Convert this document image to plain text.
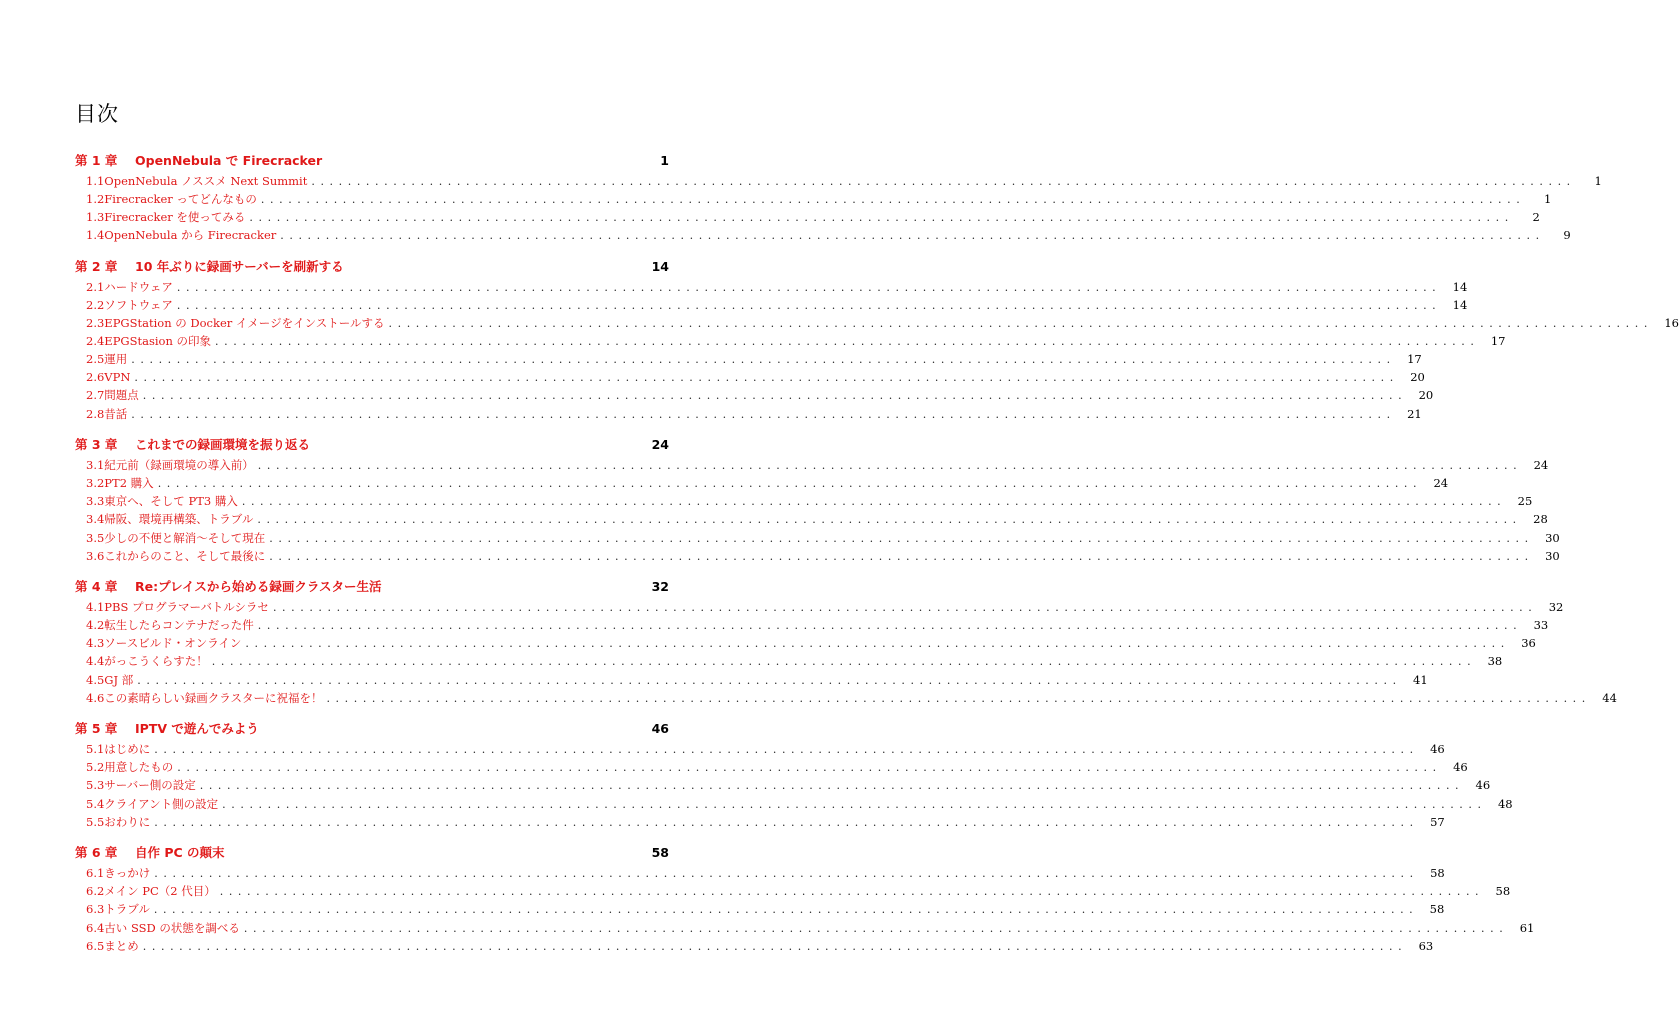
目次
第 1 章	OpenNebula で Firecracker	1
1.1 OpenNebula ノススメ Next Summit ...........................................................................................................................................	1
1.2 Firecracker ってどんなもの ...........................................................................................................................................	1
1.3 Firecracker を使ってみる ...........................................................................................................................................	2
1.4 OpenNebula から Firecracker ...........................................................................................................................................	9
第 2 章	10 年ぶりに録画サーバーを刷新する	14
2.1 ハードウェア ........................................................................................................................................... 14
2.2 ソフトウェア ........................................................................................................................................... 14
2.3 EPGStation の Docker イメージをインストールする ........................................................................................................................................... 16
2.4 EPGStasion の印象 ........................................................................................................................................... 17
2.5 運用 ........................................................................................................................................... 17
2.6 VPN ........................................................................................................................................... 20
2.7 問題点 ........................................................................................................................................... 20
2.8 昔話 ........................................................................................................................................... 21
第 3 章	これまでの録画環境を振り返る	24
3.1 紀元前（録画環境の導入前） ........................................................................................................................................... 24
3.2 PT2 購入 ........................................................................................................................................... 24
3.3 東京へ、そして PT3 購入 ........................................................................................................................................... 25
3.4 帰阪、環境再構築、トラブル ........................................................................................................................................... 28
3.5 少しの不便と解消〜そして現在 ........................................................................................................................................... 30
3.6 これからのこと、そして最後に ........................................................................................................................................... 30
第 4 章	Re:プレイスから始める録画クラスター生活	32
4.1 PBS プログラマーバトルシラセ ........................................................................................................................................... 32
4.2 転生したらコンテナだった件 ........................................................................................................................................... 33
4.3 ソースビルド・オンライン ........................................................................................................................................... 36
4.4 がっこうくらすた！ ........................................................................................................................................... 38
4.5 GJ 部 ........................................................................................................................................... 41
4.6 この素晴らしい録画クラスターに祝福を！ ........................................................................................................................................... 44
第 5 章	IPTV で遊んでみよう	46
5.1 はじめに ........................................................................................................................................... 46
5.2 用意したもの ........................................................................................................................................... 46
5.3 サーバー側の設定 ........................................................................................................................................... 46
5.4 クライアント側の設定 ........................................................................................................................................... 48
5.5 おわりに ........................................................................................................................................... 57
第 6 章	自作 PC の顛末	58
6.1 きっかけ ........................................................................................................................................... 58
6.2 メイン PC（2 代目） ........................................................................................................................................... 58
6.3 トラブル ........................................................................................................................................... 58
6.4 古い SSD の状態を調べる ........................................................................................................................................... 61
6.5 まとめ ........................................................................................................................................... 63
